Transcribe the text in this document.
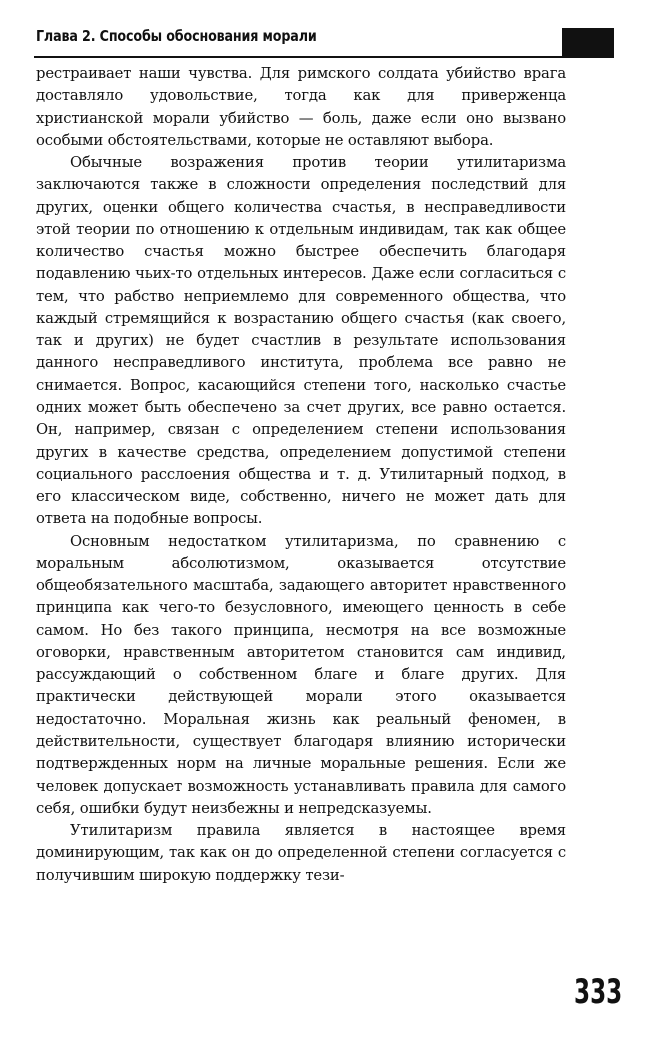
Глава 2. Способы обоснования морали

рестраивает наши чувства. Для римского солдата убийство врага доставляло удовольствие, тогда как для приверженца христианской морали убийство — боль, даже если оно вызвано особыми обстоятельствами, которые не оставляют выбора.

Обычные возражения против теории утилитаризма заключаются также в сложности определения последствий для других, оценки общего количества счастья, в несправедливости этой теории по отношению к отдельным индивидам, так как общее количество счастья можно быстрее обеспечить благодаря подавлению чьих-то отдельных интересов. Даже если согласиться с тем, что рабство неприемлемо для современного общества, что каждый стремящийся к возрастанию общего счастья (как своего, так и других) не будет счастлив в результате использования данного несправедливого института, проблема все равно не снимается. Вопрос, касающийся степени того, насколько счастье одних может быть обеспечено за счет других, все равно остается. Он, например, связан с определением степени использования других в качестве средства, определением допустимой степени социального расслоения общества и т. д. Утилитарный подход, в его классическом виде, собственно, ничего не может дать для ответа на подобные вопросы.

Основным недостатком утилитаризма, по сравнению с моральным абсолютизмом, оказывается отсутствие общеобязательного масштаба, задающего авторитет нравственного принципа как чего-то безусловного, имеющего ценность в себе самом. Но без такого принципа, несмотря на все возможные оговорки, нравственным авторитетом становится сам индивид, рассуждающий о собственном благе и благе других. Для практически действующей морали этого оказывается недостаточно. Моральная жизнь как реальный феномен, в действительности, существует благодаря влиянию исторически подтвержденных норм на личные моральные решения. Если же человек допускает возможность устанавливать правила для самого себя, ошибки будут неизбежны и непредсказуемы.

Утилитаризм правила является в настоящее время доминирующим, так как он до определенной степени согласуется с получившим широкую поддержку тези-

333
